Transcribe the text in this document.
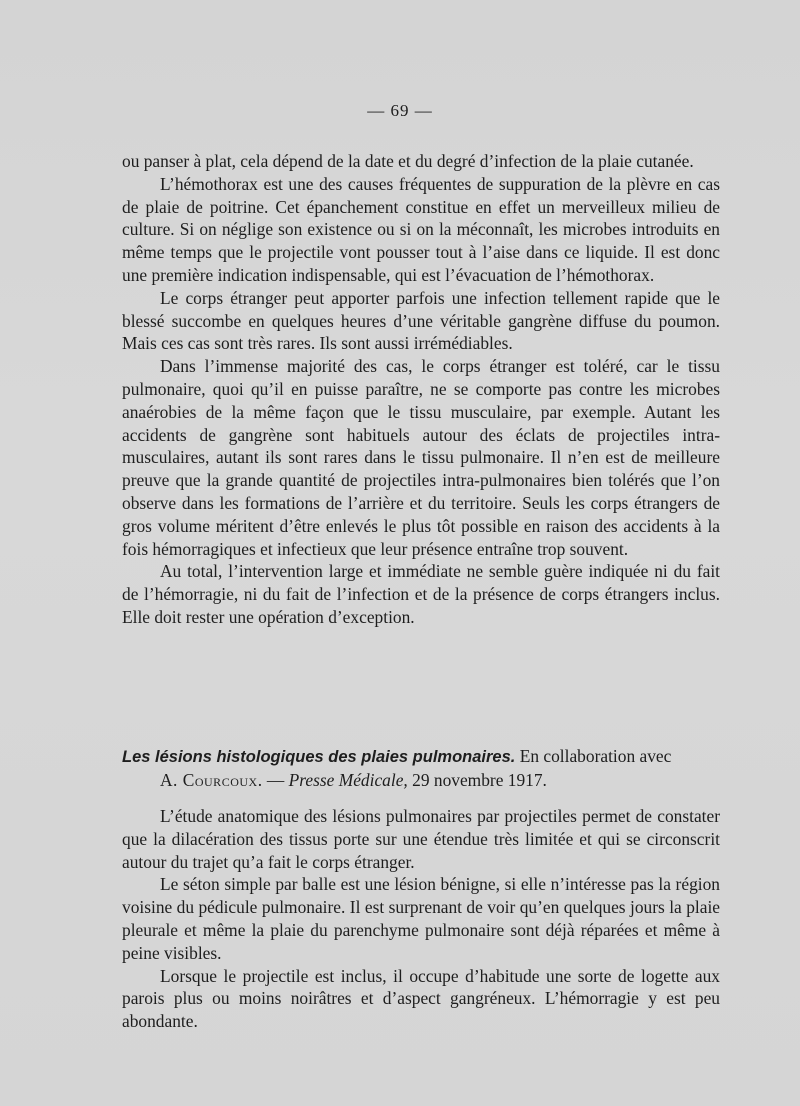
— 69 —

ou panser à plat, cela dépend de la date et du degré d’infection de la plaie cutanée.

L’hémothorax est une des causes fréquentes de suppuration de la plèvre en cas de plaie de poitrine. Cet épanchement constitue en effet un merveilleux milieu de culture. Si on néglige son existence ou si on la méconnaît, les microbes introduits en même temps que le projectile vont pousser tout à l’aise dans ce liquide. Il est donc une première indication indispensable, qui est l’évacuation de l’hémothorax.

Le corps étranger peut apporter parfois une infection tellement rapide que le blessé succombe en quelques heures d’une véritable gangrène diffuse du poumon. Mais ces cas sont très rares. Ils sont aussi irrémédiables.

Dans l’immense majorité des cas, le corps étranger est toléré, car le tissu pulmonaire, quoi qu’il en puisse paraître, ne se comporte pas contre les microbes anaérobies de la même façon que le tissu musculaire, par exemple. Autant les accidents de gangrène sont habituels autour des éclats de projectiles intra-musculaires, autant ils sont rares dans le tissu pulmonaire. Il n’en est de meilleure preuve que la grande quantité de projectiles intra-pulmonaires bien tolérés que l’on observe dans les formations de l’arrière et du territoire. Seuls les corps étrangers de gros volume méritent d’être enlevés le plus tôt possible en raison des accidents à la fois hémorragiques et infectieux que leur présence entraîne trop souvent.

Au total, l’intervention large et immédiate ne semble guère indiquée ni du fait de l’hémorragie, ni du fait de l’infection et de la présence de corps étrangers inclus. Elle doit rester une opération d’exception.

Les lésions histologiques des plaies pulmonaires. En collaboration avec
A. Courcoux. — Presse Médicale, 29 novembre 1917.

L’étude anatomique des lésions pulmonaires par projectiles permet de constater que la dilacération des tissus porte sur une étendue très limitée et qui se circonscrit autour du trajet qu’a fait le corps étranger.

Le séton simple par balle est une lésion bénigne, si elle n’intéresse pas la région voisine du pédicule pulmonaire. Il est surprenant de voir qu’en quelques jours la plaie pleurale et même la plaie du parenchyme pulmonaire sont déjà réparées et même à peine visibles.

Lorsque le projectile est inclus, il occupe d’habitude une sorte de logette aux parois plus ou moins noirâtres et d’aspect gangréneux. L’hémorragie y est peu abondante.
